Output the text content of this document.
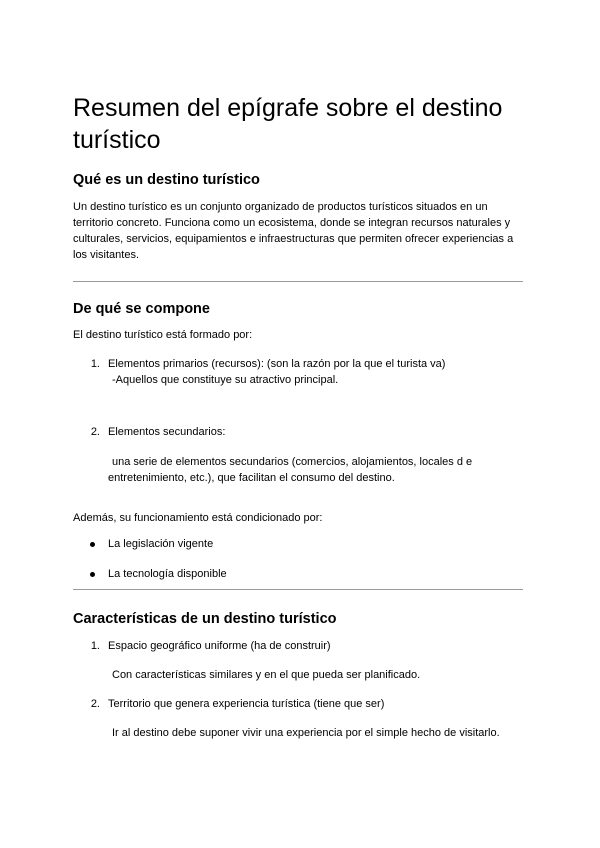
Resumen del epígrafe sobre el destino turístico
Qué es un destino turístico

Un destino turístico es un conjunto organizado de productos turísticos situados en un territorio concreto. Funciona como un ecosistema, donde se integran recursos naturales y culturales, servicios, equipamientos e infraestructuras que permiten ofrecer experiencias a los visitantes.

De qué se compone

El destino turístico está formado por:

1. Elementos primarios (recursos): (son la razón por la que el turista va)

-Aquellos que constituye su atractivo principal.

2. Elementos secundarios:

una serie de elementos secundarios (comercios, alojamientos, locales d e entretenimiento, etc.), que facilitan el consumo del destino.

Además, su funcionamiento está condicionado por:

La legislación vigente

La tecnología disponible

Características de un destino turístico
1. Espacio geográfico uniforme (ha de construir)

Con características similares y en el que pueda ser planificado.

2. Territorio que genera experiencia turística (tiene que ser)

Ir al destino debe suponer vivir una experiencia por el simple hecho de visitarlo.
